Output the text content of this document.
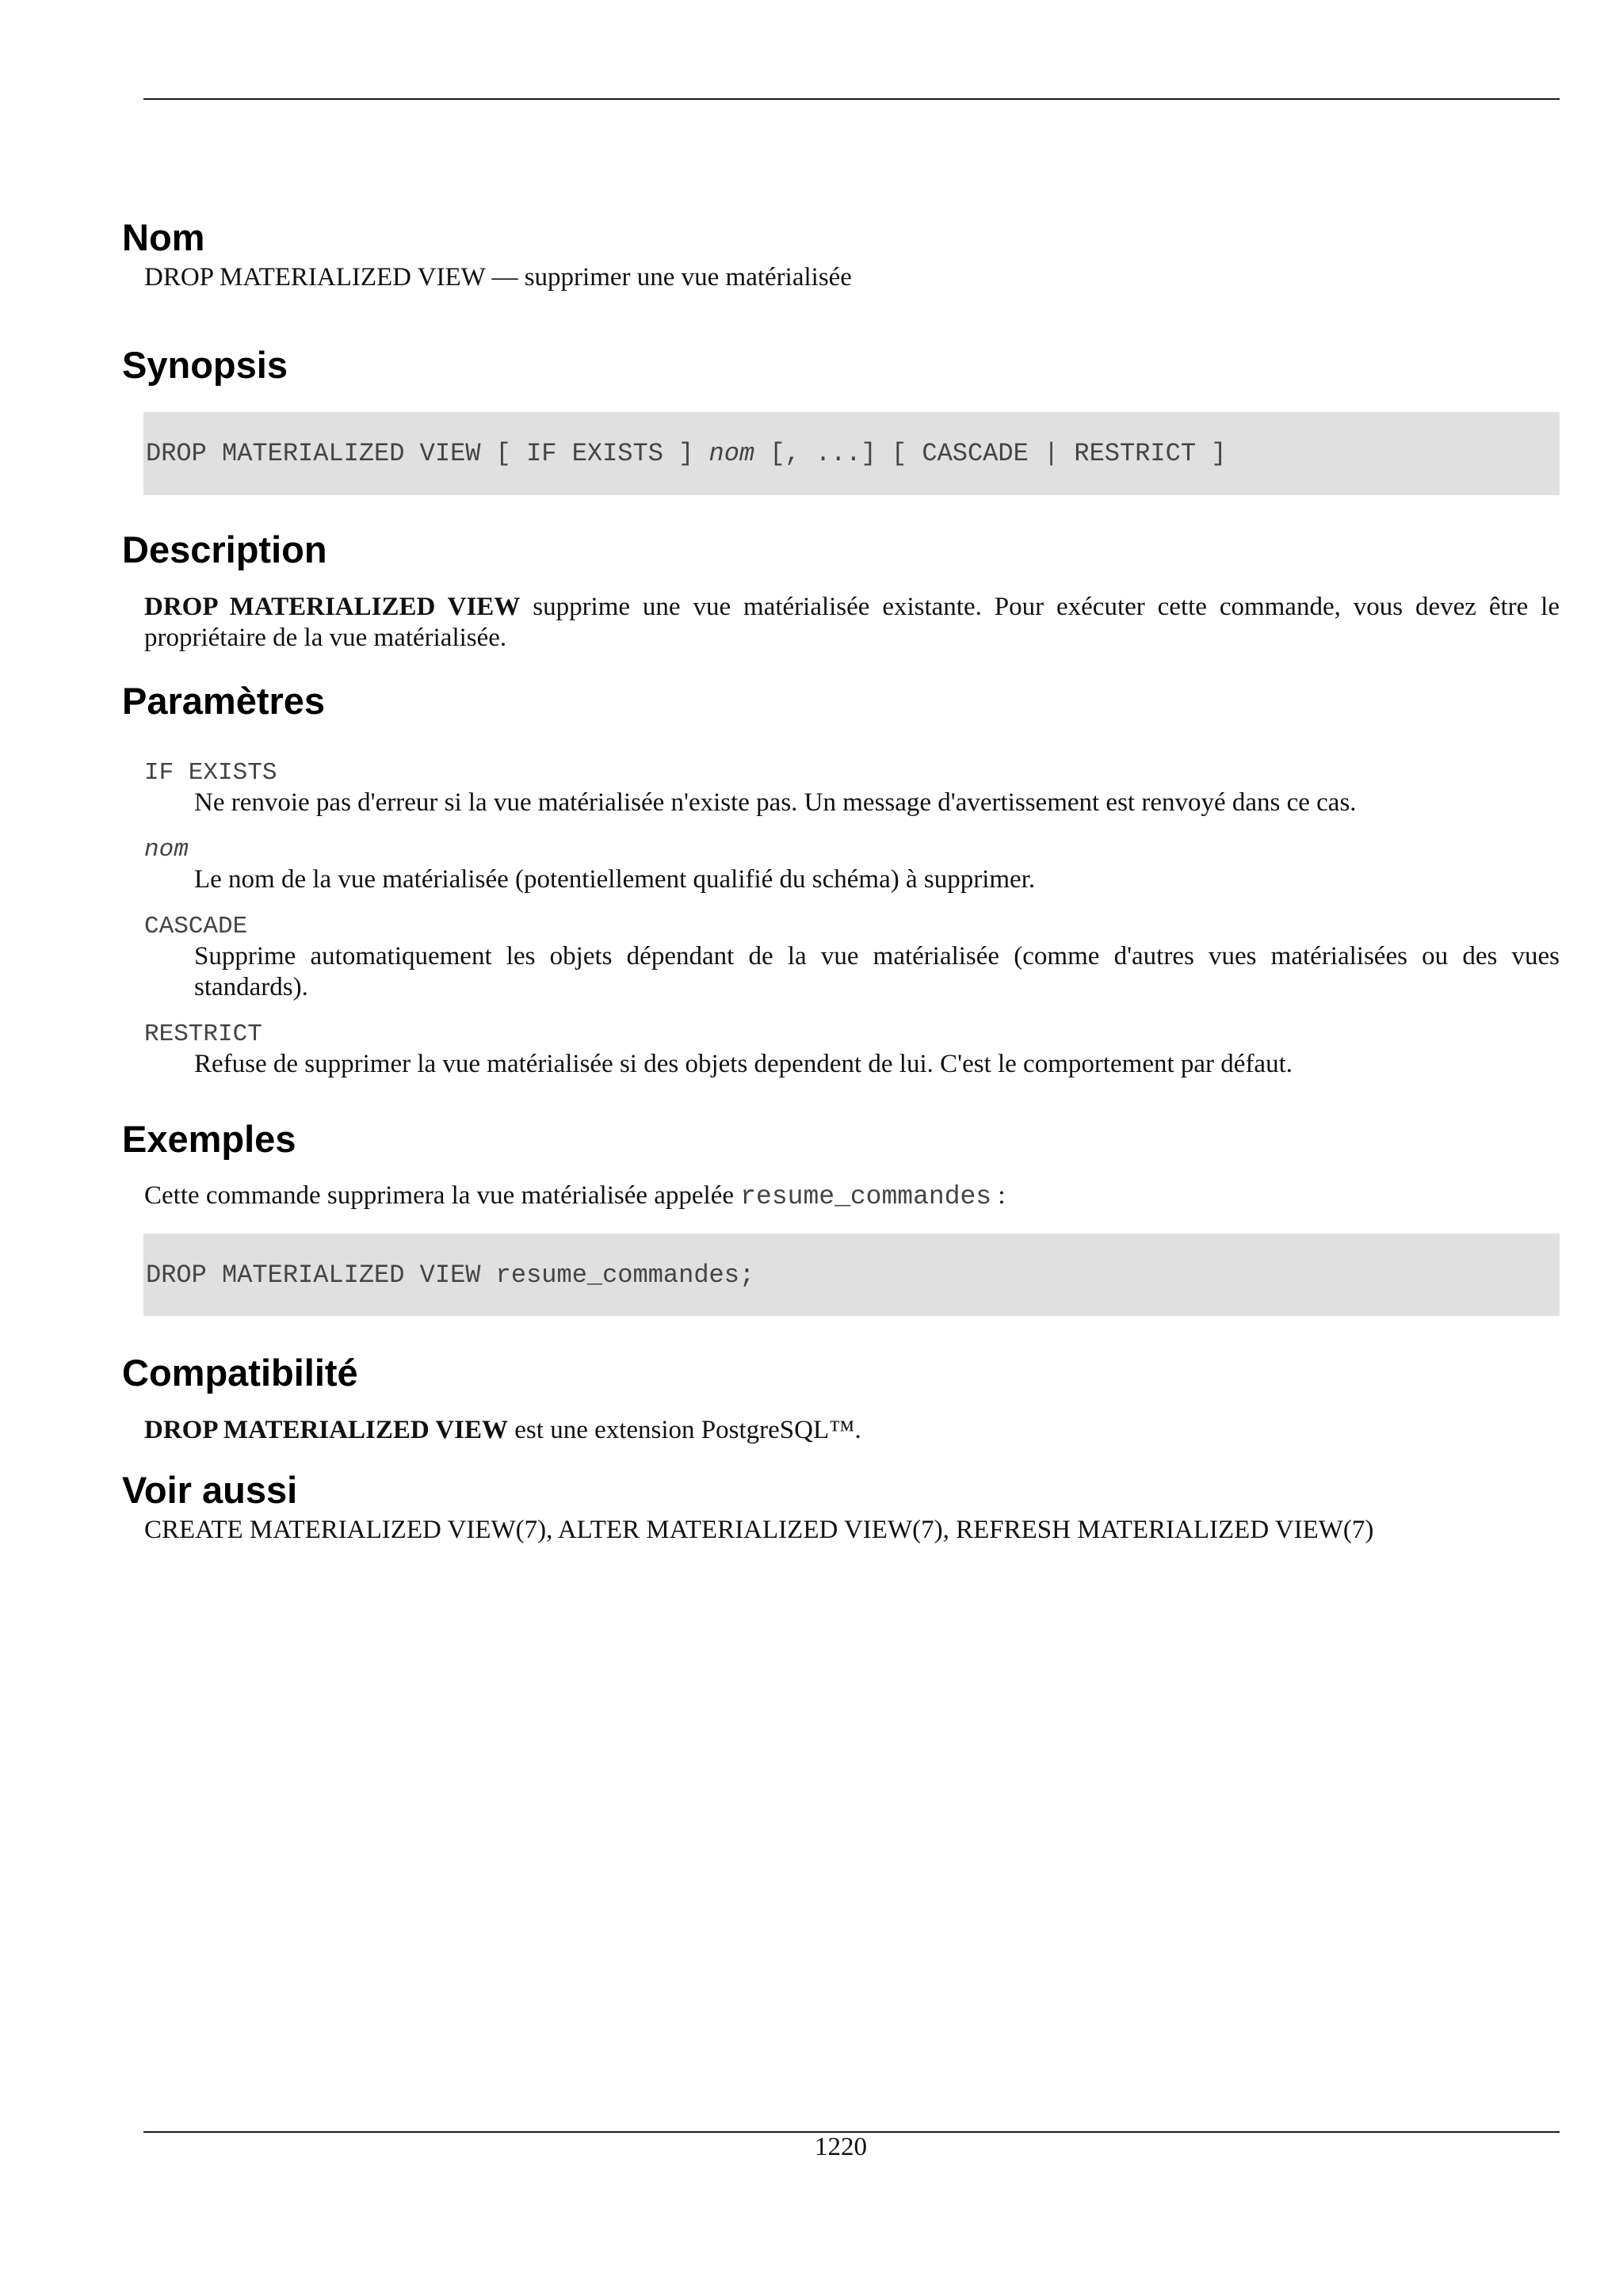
Nom

DROP MATERIALIZED VIEW — supprimer une vue matérialisée

Synopsis
DROP MATERIALIZED VIEW [ IF EXISTS ] nom [, ...] [ CASCADE | RESTRICT ]
Description

DROP MATERIALIZED VIEW supprime une vue matérialisée existante. Pour exécuter cette commande, vous devez être le propriétaire de la vue matérialisée.

Paramètres
IF EXISTS
Ne renvoie pas d'erreur si la vue matérialisée n'existe pas. Un message d'avertissement est renvoyé dans ce cas.
nom
Le nom de la vue matérialisée (potentiellement qualifié du schéma) à supprimer.
CASCADE
Supprime automatiquement les objets dépendant de la vue matérialisée (comme d'autres vues matérialisées ou des vues standards).
RESTRICT
Refuse de supprimer la vue matérialisée si des objets dependent de lui. C'est le comportement par défaut.
Exemples

Cette commande supprimera la vue matérialisée appelée resume_commandes :

DROP MATERIALIZED VIEW resume_commandes;
Compatibilité

DROP MATERIALIZED VIEW est une extension PostgreSQL™.

Voir aussi

CREATE MATERIALIZED VIEW(7), ALTER MATERIALIZED VIEW(7), REFRESH MATERIALIZED VIEW(7)

1220
